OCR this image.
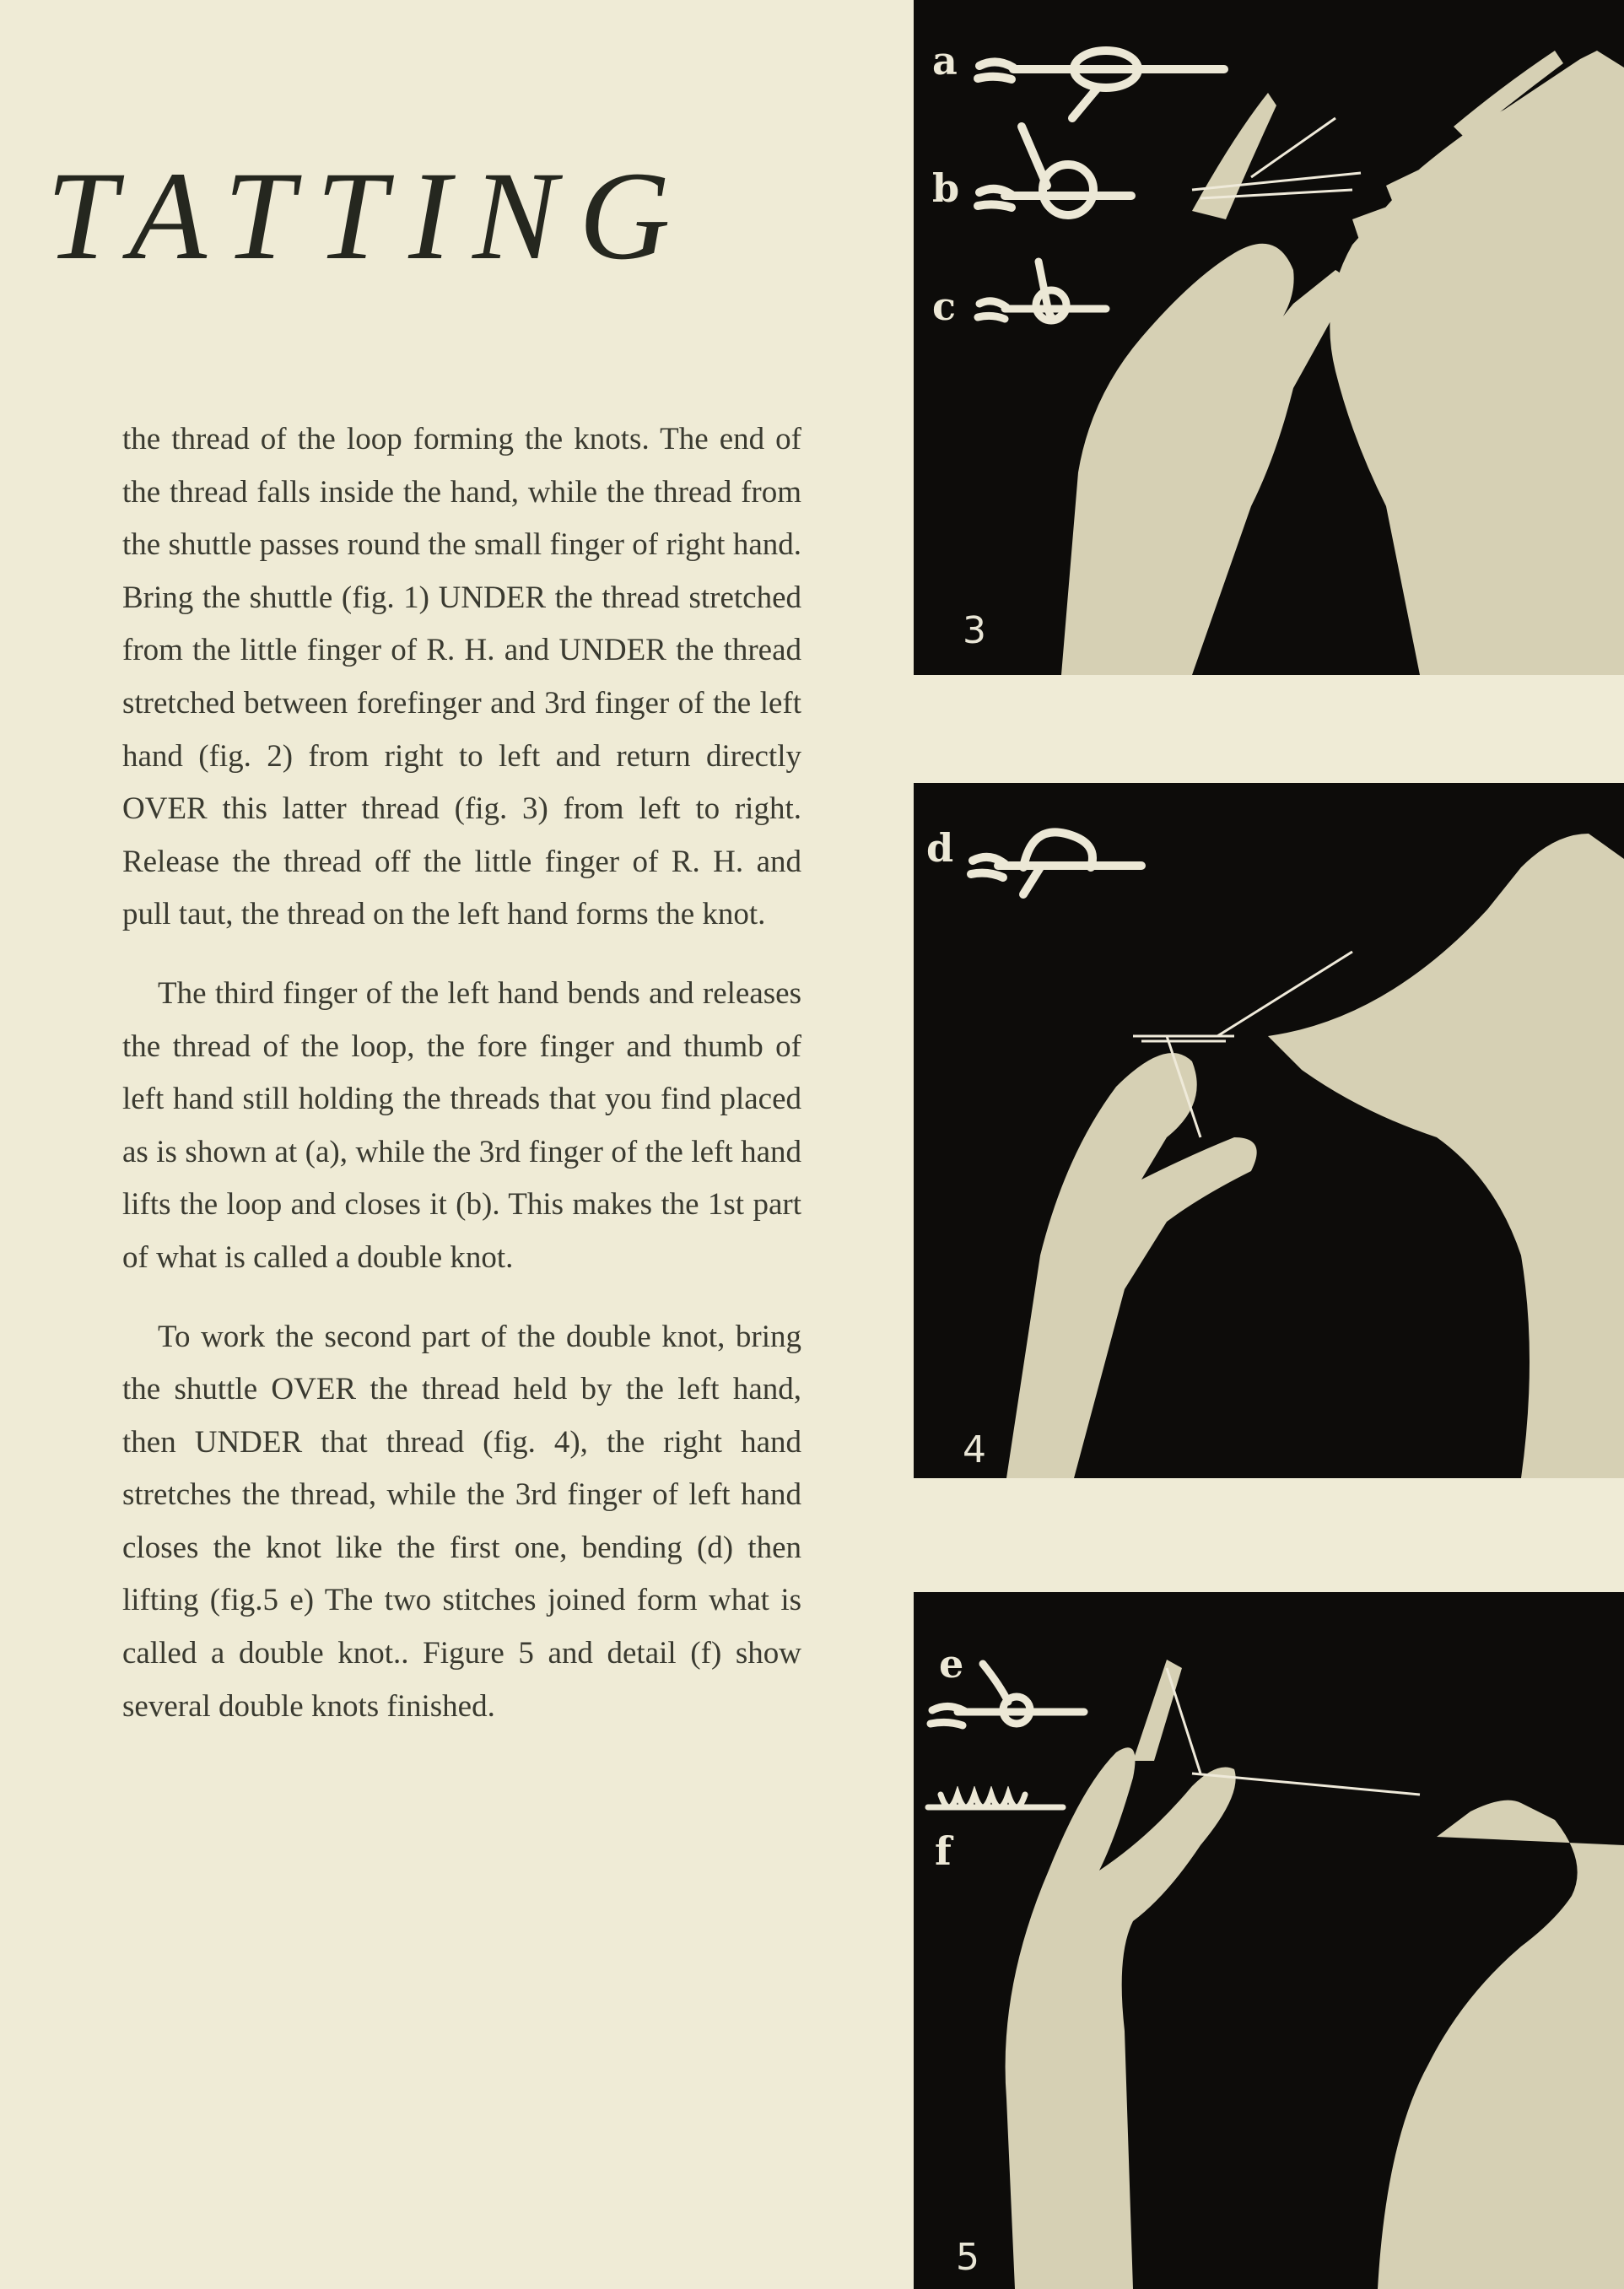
TATTING

the thread of the loop forming the knots. The end of the thread falls inside the hand, while the thread from the shuttle passes round the small finger of right hand. Bring the shuttle (fig. 1) UNDER the thread stretched from the little finger of R. H. and UNDER the thread stretched between forefinger and 3rd finger of the left hand (fig. 2) from right to left and return directly OVER this latter thread (fig. 3) from left to right. Release the thread off the little finger of R. H. and pull taut, the thread on the left hand forms the knot.

The third finger of the left hand bends and releases the thread of the loop, the fore finger and thumb of left hand still holding the threads that you find placed as is shown at (a), while the 3rd finger of the left hand lifts the loop and closes it (b). This makes the 1st part of what is called a double knot.

To work the second part of the double knot, bring the shuttle OVER the thread held by the left hand, then UNDER that thread (fig. 4), the right hand stretches the thread, while the 3rd finger of left hand closes the knot like the first one, bending (d) then lifting (fig.5 e) The two stitches joined form what is called a double knot.. Figure 5 and detail (f) show several double knots finished.

a
b
c
3
d
4
e
f
5
